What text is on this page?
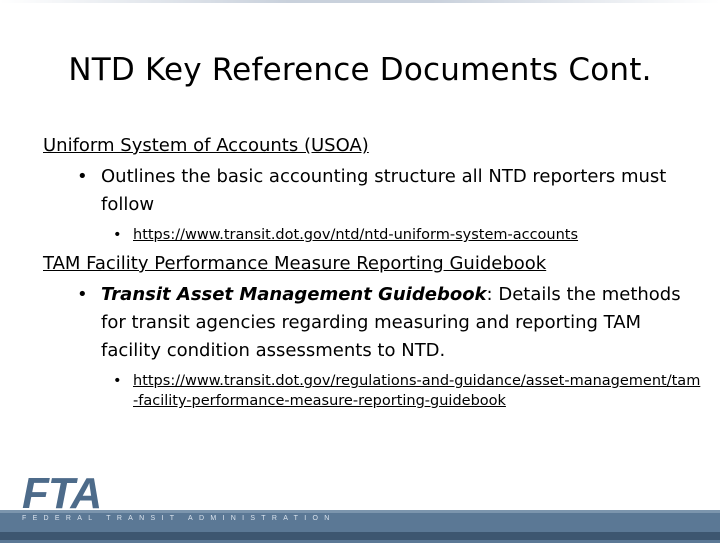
NTD Key Reference Documents Cont.

Uniform System of Accounts (USOA)

• Outlines the basic accounting structure all NTD reporters must follow
• https://www.transit.dot.gov/ntd/ntd-uniform-system-accounts

TAM Facility Performance Measure Reporting Guidebook

• Transit Asset Management Guidebook: Details the methods for transit agencies regarding measuring and reporting TAM facility condition assessments to NTD.
• https://www.transit.dot.gov/regulations-and-guidance/asset-management/tam-facility-performance-measure-reporting-guidebook
FTA
FEDERAL TRANSIT ADMINISTRATION
